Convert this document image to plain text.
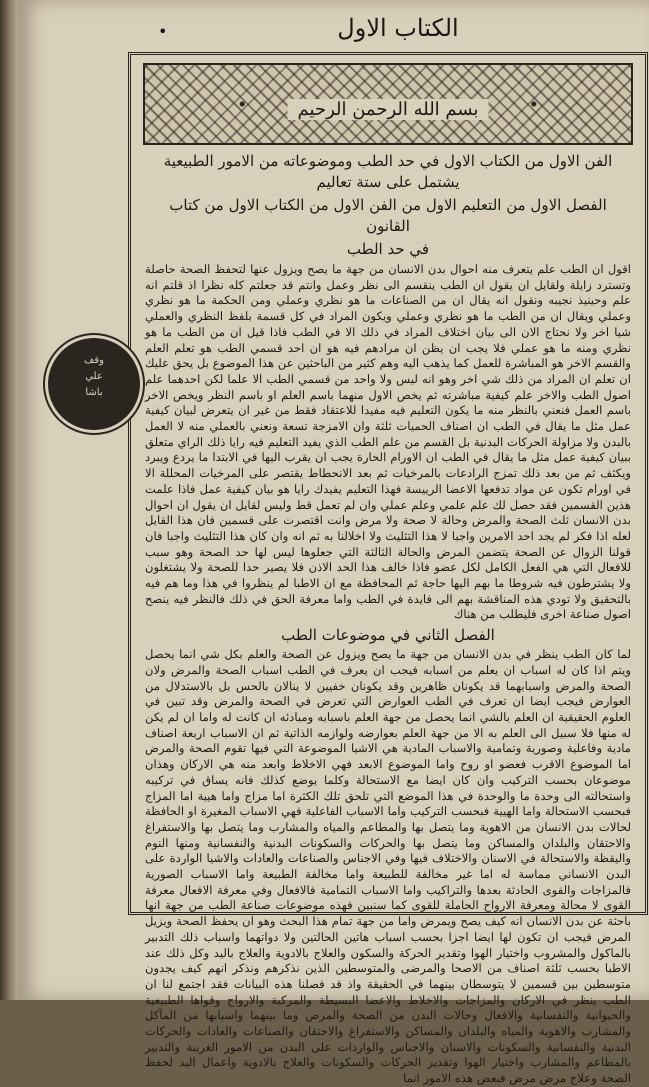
•	الكتاب الاول
بسم الله الرحمن الرحيم

الفن الاول من الكتاب الاول في حد الطب وموضوعاته من الامور الطبيعية يشتمل على ستة تعاليم

الفصل الاول من التعليم الاول من الفن الاول من الكتاب الاول من كتاب القانون

في حد الطب

اقول ان الطب علم يتعرف منه احوال بدن الانسان من جهة ما يصح ويزول عنها لتحفظ الصحة حاصلة وتسترد زايلة ولقايل ان يقول ان الطب ينقسم الى نظر وعمل وانتم قد جعلتم كله نظرا اذ قلتم انه علم وحينيذ نجيبه ونقول انه يقال ان من الصناعات ما هو نظري وعملي ومن الحكمة ما هو نظري وعملي ويقال ان من الطب ما هو نظري وعملي ويكون المراد في كل قسمة بلفظ النظري والعملي شيا اخر ولا نحتاج الان الى بيان اختلاف المراد في ذلك الا في الطب فاذا قيل ان من الطب ما هو نظري ومنه ما هو عملي فلا يجب ان يظن ان مرادهم فيه هو ان احد قسمي الطب هو تعلم العلم والقسم الاخر هو المباشرة للعمل كما يذهب اليه وهم كثير من الباحثين عن هذا الموضوع بل يحق عليك ان تعلم ان المراد من ذلك شي اخر وهو انه ليس ولا واحد من قسمي الطب الا علما لكن احدهما علم اصول الطب والاخر علم كيفية مباشرته ثم يخص الاول منهما باسم العلم او باسم النظر ويخص الاخر باسم العمل فنعني بالنظر منه ما يكون التعليم فيه مفيدا للاعتقاد فقط من غير ان يتعرض لبيان كيفية عمل مثل ما يقال في الطب ان اصناف الحميات ثلثة وان الامزجة تسعة ونعني بالعملي منه لا العمل بالبدن ولا مزاولة الحركات البدنية بل القسم من علم الطب الذي يفيد التعليم فيه رايا ذلك الراي متعلق ببيان كيفية عمل مثل ما يقال في الطب ان الاورام الحارة يجب ان يقرب اليها في الابتدا ما يردع ويبرد ويكثف ثم من بعد ذلك تمزج الرادعات بالمرخيات ثم بعد الانحطاط يقتصر على المرخيات المحللة الا في اورام تكون عن مواد تدفعها الاعضا الرييسة فهذا التعليم يفيدك رايا هو بيان كيفية عمل فاذا علمت هذين القسمين فقد حصل لك علم علمي وعلم عملي وان لم تعمل قط وليس لقايل ان يقول ان احوال بدن الانسان ثلث الصحة والمرض وحالة لا صحة ولا مرض وانت اقتصرت على قسمين فان هذا القايل لعله اذا فكر لم يجد احد الامرين واجبا لا هذا التثليث ولا اخلالنا به ثم انه وان كان هذا التثليث واجبا فان قولنا الزوال عن الصحة يتضمن المرض والحالة الثالثة التي جعلوها ليس لها حد الصحة وهو سبب للافعال التي هي الفعل الكامل لكل عضو فاذا خالف هذا الحد الاذن فلا يصير حدا للصحة ولا يشتغلون ولا يشترطون فيه شروطا ما بهم اليها حاجة ثم المحافظة مع ان الاطبا لم ينظروا في هذا وما هم فيه بالتحقيق ولا تودي هذه المناقشة بهم الى فايدة في الطب واما معرفة الحق في ذلك فالنظر فيه ينصح اصول صناعة اخرى فليطلب من هناك

الفصل الثاني في موضوعات الطب

لما كان الطب ينظر في بدن الانسان من جهة ما يصح ويزول عن الصحة والعلم بكل شي انما يحصل ويتم اذا كان له اسباب ان يعلم من اسبابه فيجب ان يعرف في الطب اسباب الصحة والمرض ولان الصحة والمرض واسبابهما قد يكونان ظاهرين وقد يكونان خفيين لا ينالان بالحس بل بالاستدلال من العوارض فيجب ايضا ان تعرف في الطب العوارض التي تعرض في الصحة والمرض وقد تبين في العلوم الحقيقية ان العلم بالشي انما يحصل من جهة العلم باسبابه ومبادئه ان كانت له واما ان لم يكن له منها فلا سبيل الى العلم به الا من جهة العلم بعوارضه ولوازمه الذاتية ثم ان الاسباب اربعة اصناف مادية وفاعلية وصورية وتمامية والاسباب المادية هي الاشيا الموضوعة التي فيها تقوم الصحة والمرض اما الموضوع الاقرب فعضو او روح واما الموضوع الابعد فهي الاخلاط وابعد منه هي الاركان وهذان موضوعان بحسب التركيب وان كان ايضا مع الاستحالة وكلما يوضع كذلك فانه يساق في تركيبه واستحالته الى وحدة ما والوحدة في هذا الموضع التي تلحق تلك الكثرة اما مزاج واما هيية اما المزاج فبحسب الاستحالة واما الهيية فبحسب التركيب واما الاسباب الفاعلية فهي الاسباب المغيرة او الحافظة لحالات بدن الانسان من الاهوية وما يتصل بها والمطاعم والمياه والمشارب وما يتصل بها والاستفراغ والاحتقان والبلدان والمساكن وما يتصل بها والحركات والسكونات البدنية والنفسانية ومنها النوم واليقظة والاستحالة في الاسنان والاختلاف فيها وفي الاجناس والصناعات والعادات والاشيا الواردة على البدن الانساني مماسة له اما غير مخالفة للطبيعة واما مخالفة الطبيعة واما الاسباب الصورية فالمزاجات والقوى الحادثة بعدها والتراكيب واما الاسباب التمامية فالافعال وفي معرفة الافعال معرفة القوى لا محالة ومعرفة الارواح الحاملة للقوى كما سنبين فهذه موضوعات صناعة الطب من جهة انها باحثة عن بدن الانسان انه كيف يصح ويمرض واما من جهة تمام هذا البحث وهو ان يحفظ الصحة ويزيل المرض فيجب ان تكون لها ايضا اجزا بحسب اسباب هاتين الحالتين ولا دواتهما واسباب ذلك التدبير بالماكول والمشروب واختيار الهوا وتقدير الحركة والسكون والعلاج بالادوية والعلاج باليد وكل ذلك عند الاطبا بحسب ثلثة اصناف من الاصحا والمرضى والمتوسطين الذين نذكرهم ونذكر انهم كيف يجدون متوسطين بين قسمين لا يتوسطان بينهما في الحقيقة واذ قد فصلنا هذه البيانات فقد اجتمع لنا ان الطب ينظر في الاركان والمزاجات والاخلاط والاعضا البسيطة والمركبة والارواح وقواها الطبيعية والحيوانية والنفسانية والافعال وحالات البدن من الصحة والمرض وما بينهما واسبابها من المآكل والمشارب والاهوية والمياه والبلدان والمساكن والاستفراغ والاحتقان والصناعات والعادات والحركات البدنية والنفسانية والسكونات والاسنان والاجناس والواردات على البدن من الامور الغريبة والتدبير بالمطاعم والمشارب واختيار الهوا وتقدير الحركات والسكونات والعلاج بالادوية واعمال اليد لحفظ الصحة وعلاج مرض مرض فبعض هذه الامور انما

وقف
علي
باشا
